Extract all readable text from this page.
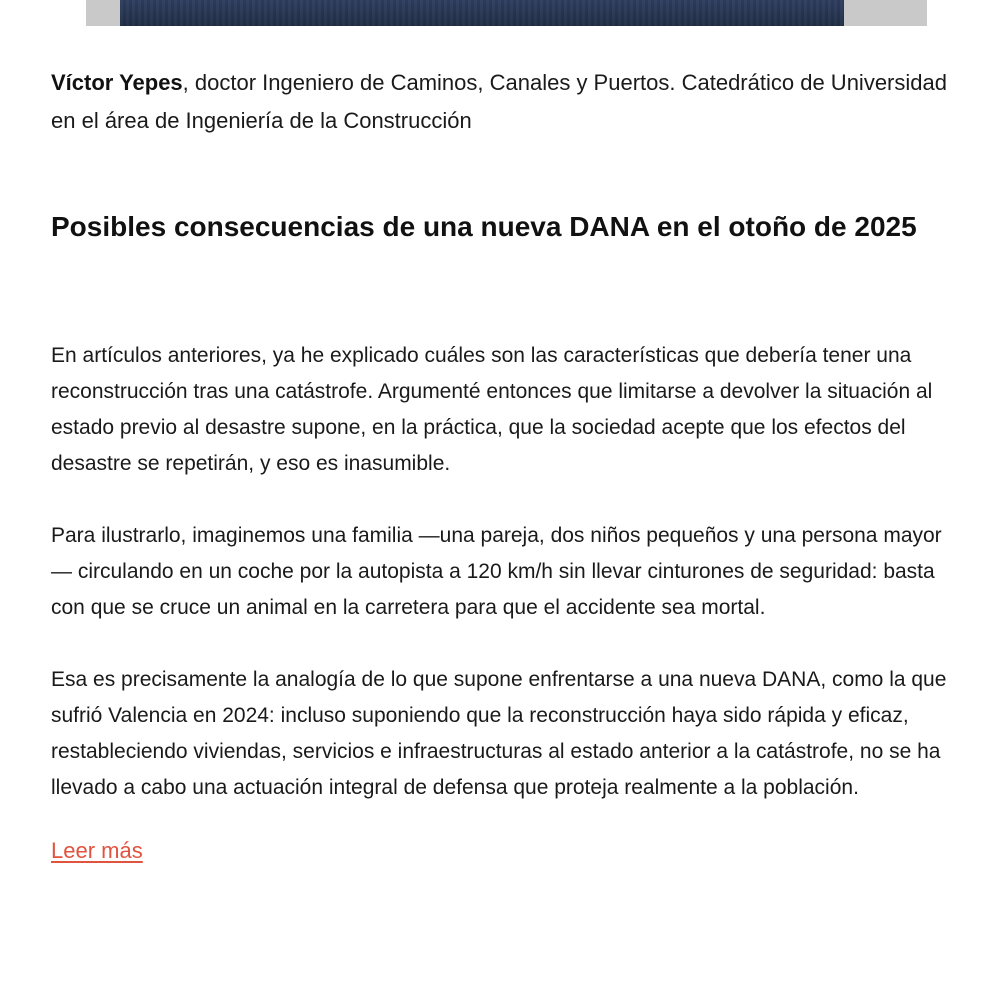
Víctor Yepes, doctor Ingeniero de Caminos, Canales y Puertos. Catedrático de Universidad en el área de Ingeniería de la Construcción

Posibles consecuencias de una nueva DANA en el otoño de 2025

En artículos anteriores, ya he explicado cuáles son las características que debería tener una reconstrucción tras una catástrofe. Argumenté entonces que limitarse a devolver la situación al estado previo al desastre supone, en la práctica, que la sociedad acepte que los efectos del desastre se repetirán, y eso es inasumible.

Para ilustrarlo, imaginemos una familia —una pareja, dos niños pequeños y una persona mayor— circulando en un coche por la autopista a 120 km/h sin llevar cinturones de seguridad: basta con que se cruce un animal en la carretera para que el accidente sea mortal.

Esa es precisamente la analogía de lo que supone enfrentarse a una nueva DANA, como la que sufrió Valencia en 2024: incluso suponiendo que la reconstrucción haya sido rápida y eficaz, restableciendo viviendas, servicios e infraestructuras al estado anterior a la catástrofe, no se ha llevado a cabo una actuación integral de defensa que proteja realmente a la población.

Leer más
